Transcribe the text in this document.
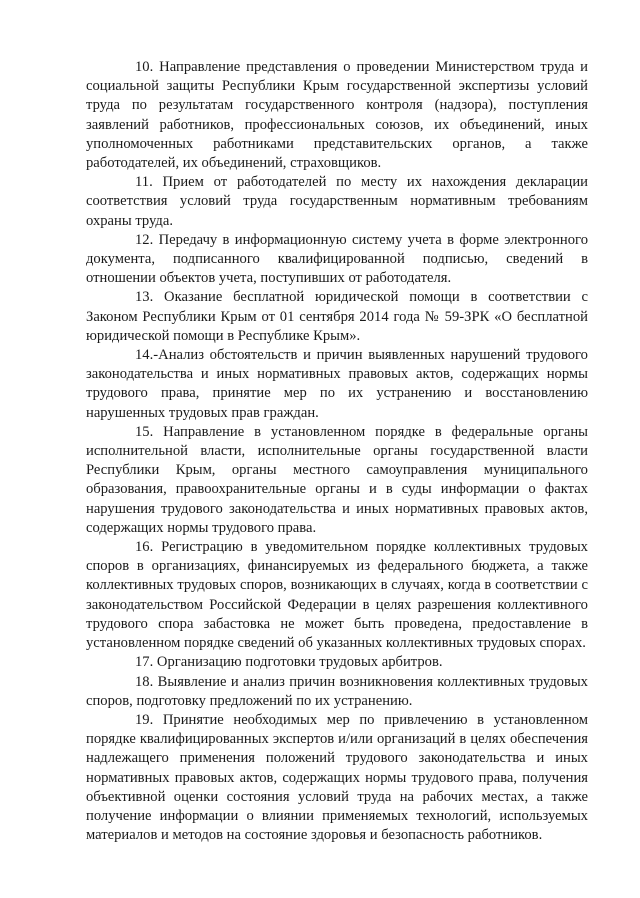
10. Направление представления о проведении Министерством труда и социальной защиты Республики Крым государственной экспертизы условий труда по результатам государственного контроля (надзора), поступления заявлений работников, профессиональных союзов, их объединений, иных уполномоченных работниками представительских органов, а также работодателей, их объединений, страховщиков.

11. Прием от работодателей по месту их нахождения декларации соответствия условий труда государственным нормативным требованиям охраны труда.

12. Передачу в информационную систему учета в форме электронного документа, подписанного квалифицированной подписью, сведений в отношении объектов учета, поступивших от работодателя.

13. Оказание бесплатной юридической помощи в соответствии с Законом Республики Крым от 01 сентября 2014 года № 59-ЗРК «О бесплатной юридической помощи в Республике Крым».

14.-Анализ обстоятельств и причин выявленных нарушений трудового законодательства и иных нормативных правовых актов, содержащих нормы трудового права, принятие мер по их устранению и восстановлению нарушенных трудовых прав граждан.

15. Направление в установленном порядке в федеральные органы исполнительной власти, исполнительные органы государственной власти Республики Крым, органы местного самоуправления муниципального образования, правоохранительные органы и в суды информации о фактах нарушения трудового законодательства и иных нормативных правовых актов, содержащих нормы трудового права.

16. Регистрацию в уведомительном порядке коллективных трудовых споров в организациях, финансируемых из федерального бюджета, а также коллективных трудовых споров, возникающих в случаях, когда в соответствии с законодательством Российской Федерации в целях разрешения коллективного трудового спора забастовка не может быть проведена, предоставление в установленном порядке сведений об указанных коллективных трудовых спорах.

17. Организацию подготовки трудовых арбитров.

18. Выявление и анализ причин возникновения коллективных трудовых споров, подготовку предложений по их устранению.

19. Принятие необходимых мер по привлечению в установленном порядке квалифицированных экспертов и/или организаций в целях обеспечения надлежащего применения положений трудового законодательства и иных нормативных правовых актов, содержащих нормы трудового права, получения объективной оценки состояния условий труда на рабочих местах, а также получение информации о влиянии применяемых технологий, используемых материалов и методов на состояние здоровья и безопасность работников.
